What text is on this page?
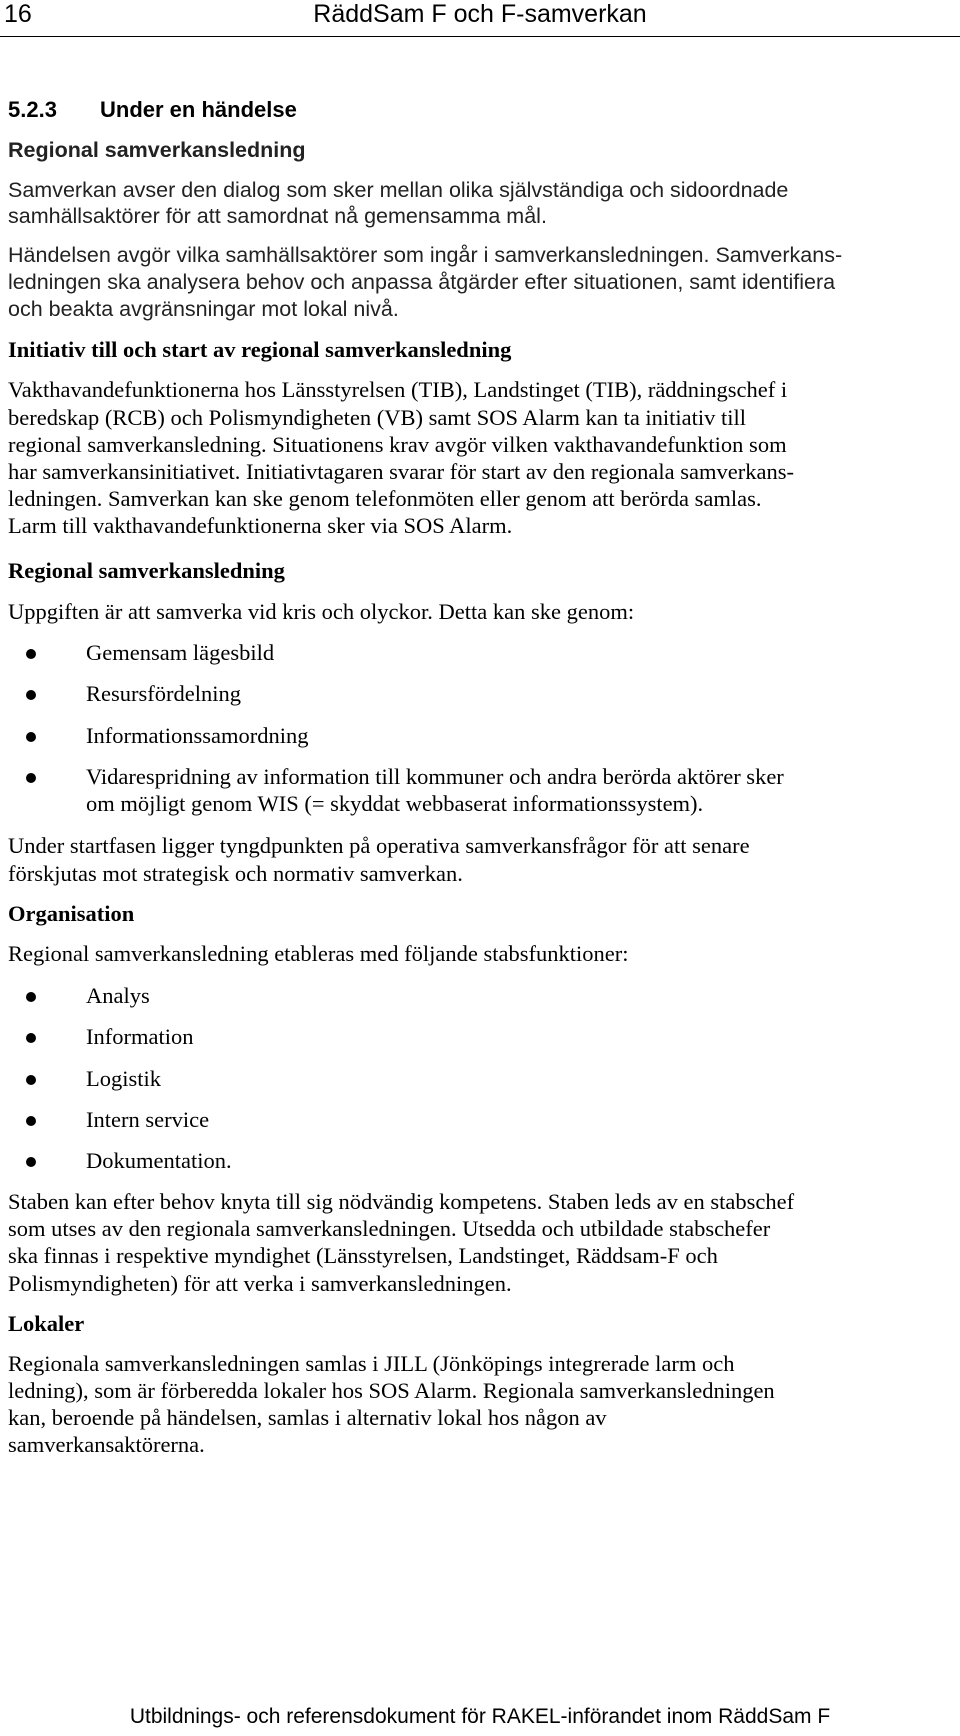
16	RäddSam F och F-samverkan
5.2.3 Under en händelse
Regional samverkansledning
Samverkan avser den dialog som sker mellan olika självständiga och sidoordnade
samhällsaktörer för att samordnat nå gemensamma mål.
Händelsen avgör vilka samhällsaktörer som ingår i samverkansledningen. Samverkans-
ledningen ska analysera behov och anpassa åtgärder efter situationen, samt identifiera
och beakta avgränsningar mot lokal nivå.
Initiativ till och start av regional samverkansledning
Vakthavandefunktionerna hos Länsstyrelsen (TIB), Landstinget (TIB), räddningschef i
beredskap (RCB) och Polismyndigheten (VB) samt SOS Alarm kan ta initiativ till
regional samverkansledning. Situationens krav avgör vilken vakthavandefunktion som
har samverkansinitiativet. Initiativtagaren svarar för start av den regionala samverkans-
ledningen. Samverkan kan ske genom telefonmöten eller genom att berörda samlas.
Larm till vakthavandefunktionerna sker via SOS Alarm.
Regional samverkansledning
Uppgiften är att samverka vid kris och olyckor. Detta kan ske genom:
Gemensam lägesbild
Resursfördelning
Informationssamordning
Vidarespridning av information till kommuner och andra berörda aktörer sker
om möjligt genom WIS (= skyddat webbaserat informationssystem).
Under startfasen ligger tyngdpunkten på operativa samverkansfrågor för att senare
förskjutas mot strategisk och normativ samverkan.
Organisation
Regional samverkansledning etableras med följande stabsfunktioner:
Analys
Information
Logistik
Intern service
Dokumentation.
Staben kan efter behov knyta till sig nödvändig kompetens. Staben leds av en stabschef
som utses av den regionala samverkansledningen. Utsedda och utbildade stabschefer
ska finnas i respektive myndighet (Länsstyrelsen, Landstinget, Räddsam-F och
Polismyndigheten) för att verka i samverkansledningen.
Lokaler
Regionala samverkansledningen samlas i JILL (Jönköpings integrerade larm och
ledning), som är förberedda lokaler hos SOS Alarm. Regionala samverkansledningen
kan, beroende på händelsen, samlas i alternativ lokal hos någon av
samverkansaktörerna.
Utbildnings- och referensdokument för RAKEL-införandet inom RäddSam F
